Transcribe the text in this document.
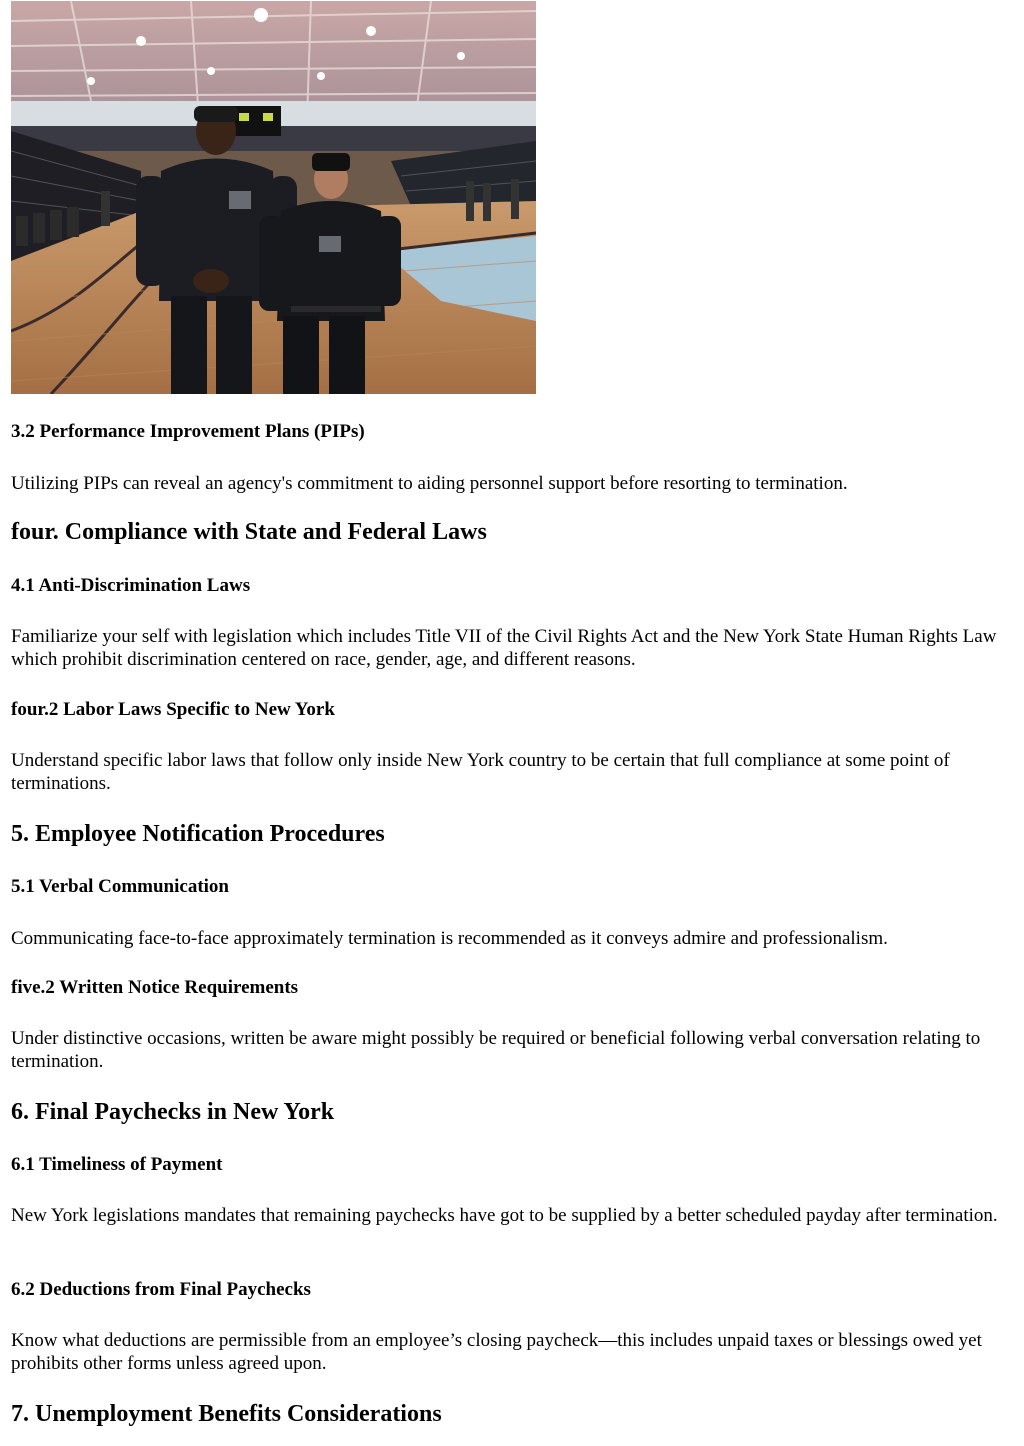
3.2 Performance Improvement Plans (PIPs)

Utilizing PIPs can reveal an agency's commitment to aiding personnel support before resorting to termination.

four. Compliance with State and Federal Laws
4.1 Anti-Discrimination Laws

Familiarize your self with legislation which includes Title VII of the Civil Rights Act and the New York State Human Rights Law which prohibit discrimination centered on race, gender, age, and different reasons.

four.2 Labor Laws Specific to New York

Understand specific labor laws that follow only inside New York country to be certain that full compliance at some point of terminations.

5. Employee Notification Procedures
5.1 Verbal Communication

Communicating face-to-face approximately termination is recommended as it conveys admire and professionalism.

five.2 Written Notice Requirements

Under distinctive occasions, written be aware might possibly be required or beneficial following verbal conversation relating to termination.

6. Final Paychecks in New York
6.1 Timeliness of Payment

New York legislations mandates that remaining paychecks have got to be supplied by a better scheduled payday after termination.

6.2 Deductions from Final Paychecks

Know what deductions are permissible from an employee’s closing paycheck—this includes unpaid taxes or blessings owed yet prohibits other forms unless agreed upon.

7. Unemployment Benefits Considerations
